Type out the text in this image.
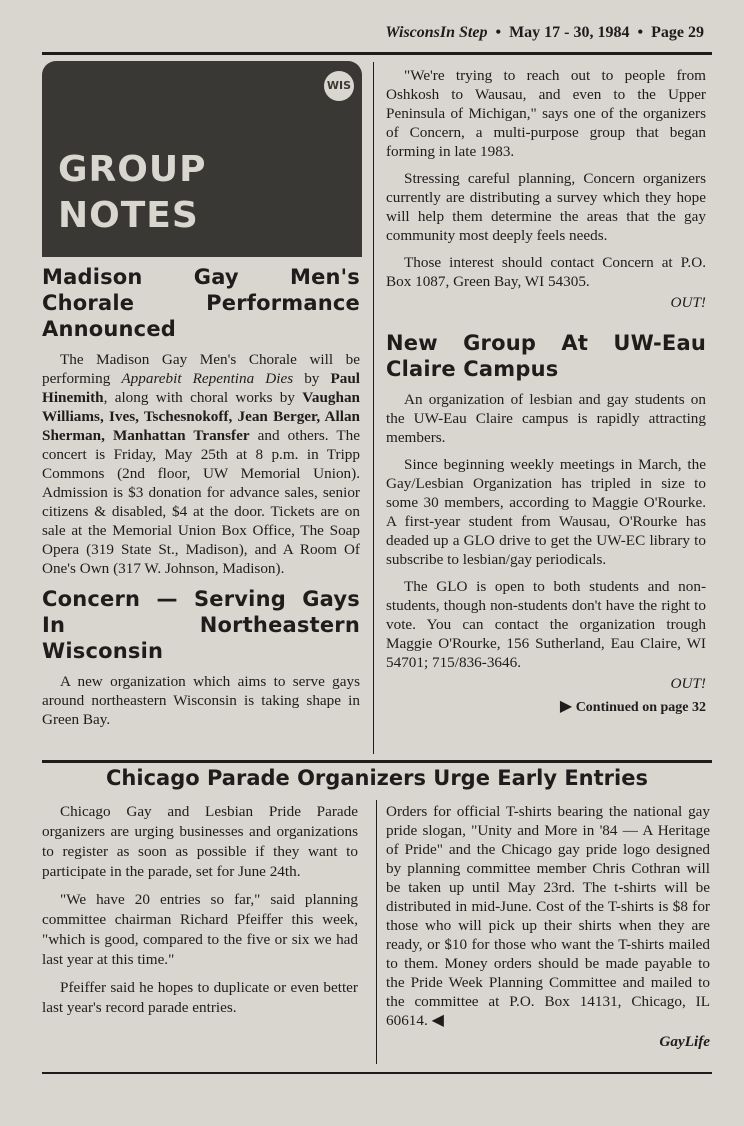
WisconsIn Step  •  May 17 - 30, 1984  •  Page 29
WIS
GROUP
NOTES
Madison Gay Men's Chorale Performance Announced

The Madison Gay Men's Chorale will be performing Apparebit Repentina Dies by Paul Hinemith, along with choral works by Vaughan Williams, Ives, Tschesnokoff, Jean Berger, Allan Sherman, Manhattan Transfer and others. The concert is Friday, May 25th at 8 p.m. in Tripp Commons (2nd floor, UW Memorial Union). Admission is $3 donation for advance sales, senior citizens & disabled, $4 at the door. Tickets are on sale at the Memorial Union Box Office, The Soap Opera (319 State St., Madison), and A Room Of One's Own (317 W. Johnson, Madison).

Concern — Serving Gays In Northeastern Wisconsin

A new organization which aims to serve gays around northeastern Wisconsin is taking shape in Green Bay.

"We're trying to reach out to people from Oshkosh to Wausau, and even to the Upper Peninsula of Michigan," says one of the organizers of Concern, a multi-purpose group that began forming in late 1983.

Stressing careful planning, Concern organizers currently are distributing a survey which they hope will help them determine the areas that the gay community most deeply feels needs.

Those interest should contact Concern at P.O. Box 1087, Green Bay, WI 54305.

OUT!
New Group At UW-Eau Claire Campus

An organization of lesbian and gay students on the UW-Eau Claire campus is rapidly attracting members.

Since beginning weekly meetings in March, the Gay/Lesbian Organization has tripled in size to some 30 members, according to Maggie O'Rourke. A first-year student from Wausau, O'Rourke has deaded up a GLO drive to get the UW-EC library to subscribe to lesbian/gay periodicals.

The GLO is open to both students and non-students, though non-students don't have the right to vote. You can contact the organization trough Maggie O'Rourke, 156 Sutherland, Eau Claire, WI 54701; 715/836-3646.

OUT!
▶ Continued on page 32
Chicago Parade Organizers Urge Early Entries

Chicago Gay and Lesbian Pride Parade organizers are urging businesses and organizations to register as soon as possible if they want to participate in the parade, set for June 24th.

"We have 20 entries so far," said planning committee chairman Richard Pfeiffer this week, "which is good, compared to the five or six we had last year at this time."

Pfeiffer said he hopes to duplicate or even better last year's record parade entries.

Orders for official T-shirts bearing the national gay pride slogan, "Unity and More in '84 — A Heritage of Pride" and the Chicago gay pride logo designed by planning committee member Chris Cothran will be taken up until May 23rd. The t-shirts will be distributed in mid-June. Cost of the T-shirts is $8 for those who will pick up their shirts when they are ready, or $10 for those who want the T-shirts mailed to them. Money orders should be made payable to the Pride Week Planning Committee and mailed to the committee at P.O. Box 14131, Chicago, IL 60614. ◀

GayLife
